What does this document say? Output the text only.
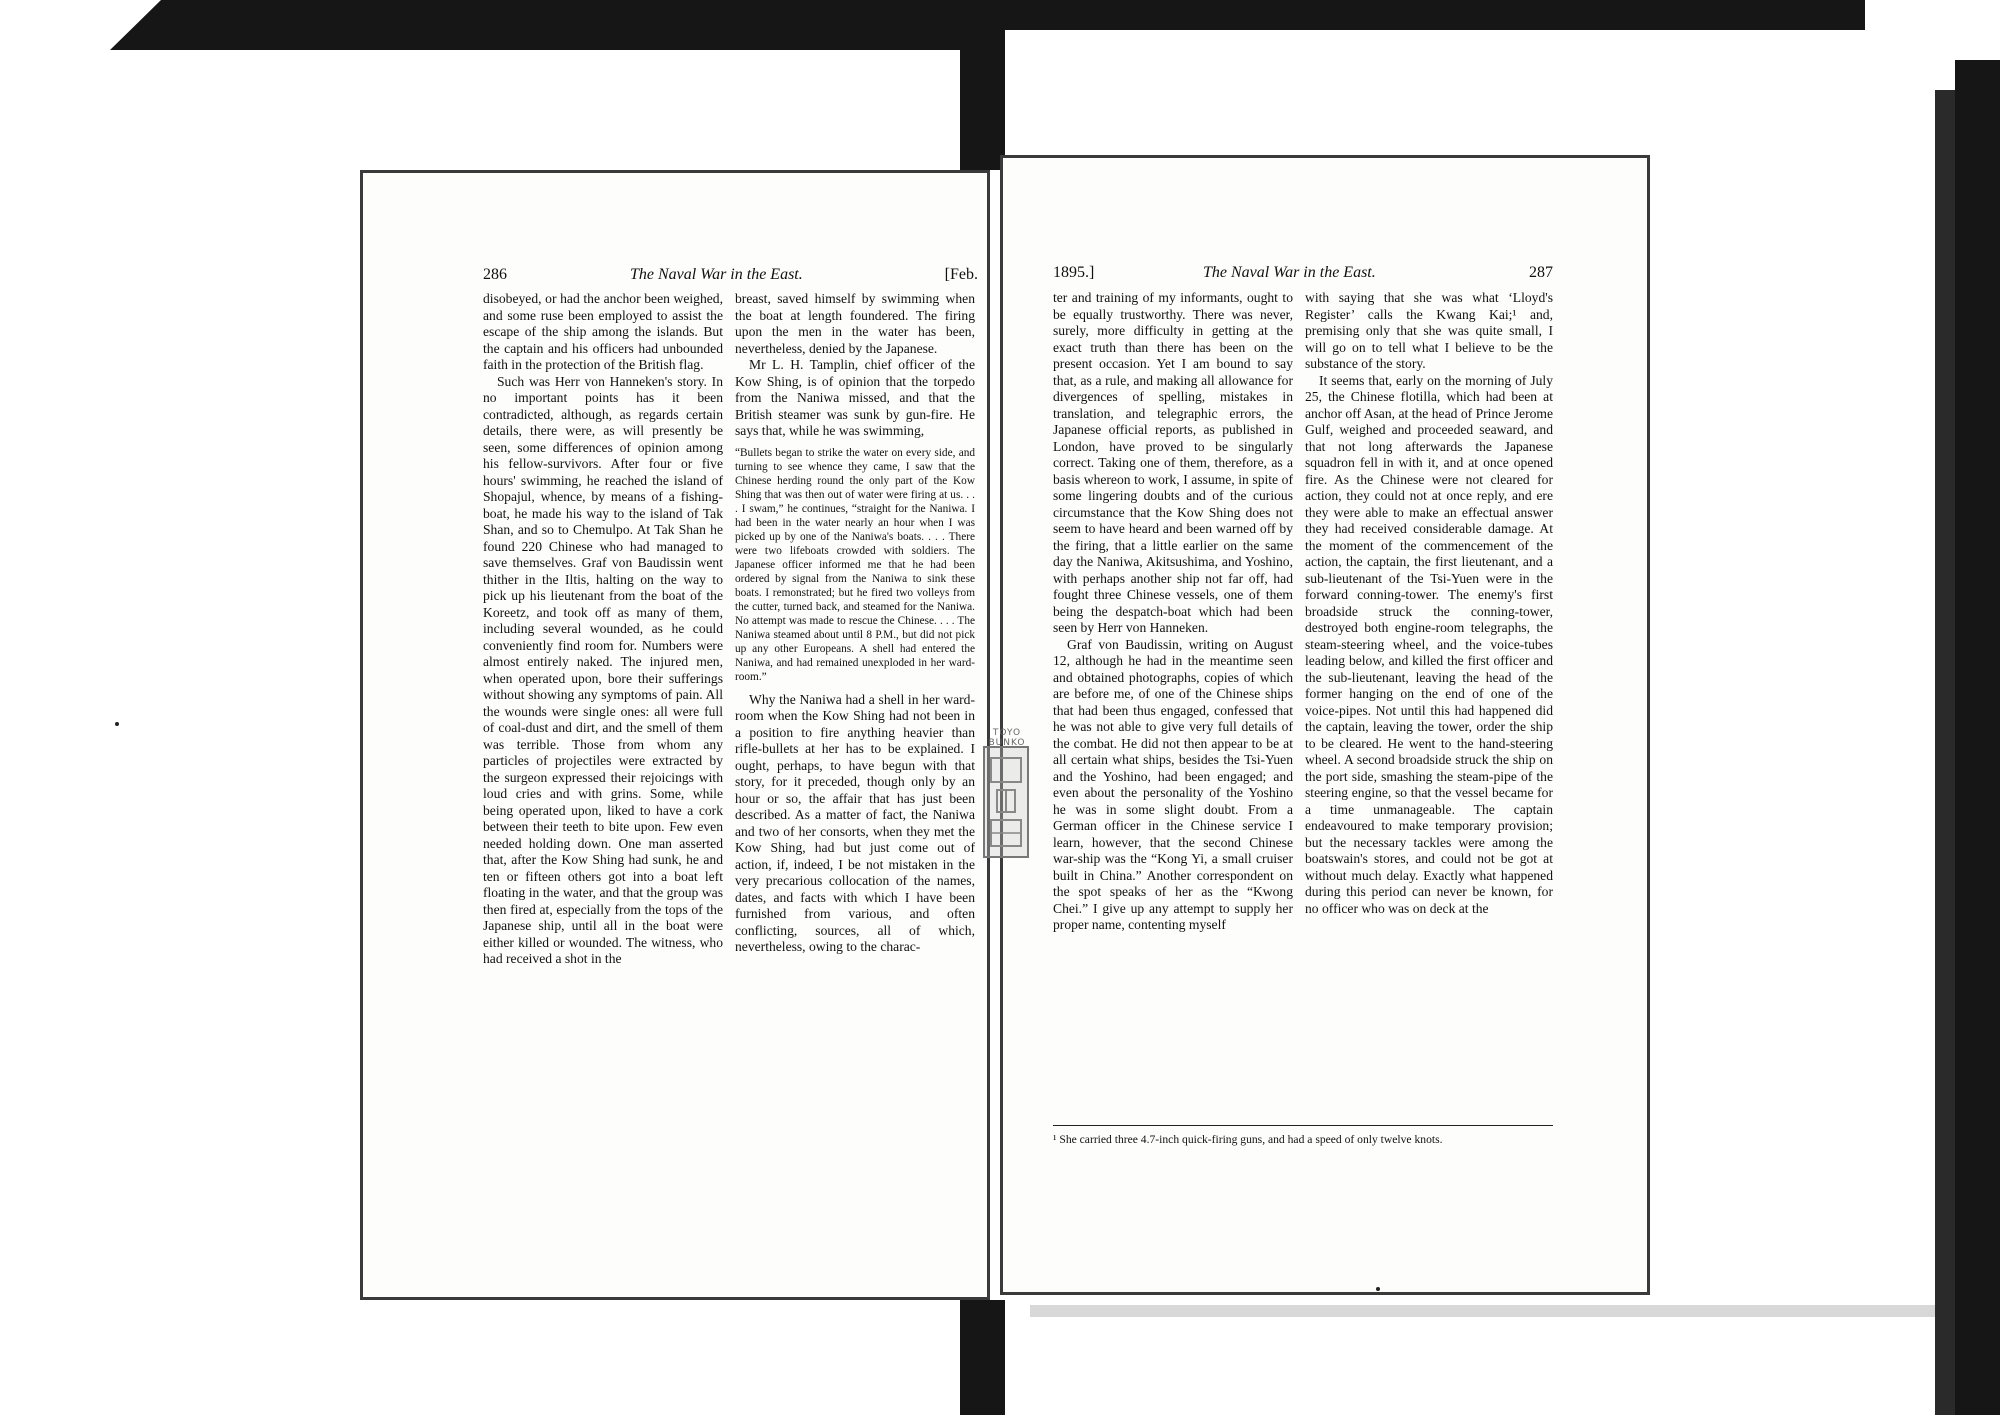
286	The Naval War in the East.	[Feb.

disobeyed, or had the anchor been weighed, and some ruse been employed to assist the escape of the ship among the islands. But the captain and his officers had unbounded faith in the protection of the British flag.

Such was Herr von Hanneken's story. In no important points has it been contradicted, although, as regards certain details, there were, as will presently be seen, some differences of opinion among his fellow-survivors. After four or five hours' swimming, he reached the island of Shopajul, whence, by means of a fishing-boat, he made his way to the island of Tak Shan, and so to Chemulpo. At Tak Shan he found 220 Chinese who had managed to save themselves. Graf von Baudissin went thither in the Iltis, halting on the way to pick up his lieutenant from the boat of the Koreetz, and took off as many of them, including several wounded, as he could conveniently find room for. Numbers were almost entirely naked. The injured men, when operated upon, bore their sufferings without showing any symptoms of pain. All the wounds were single ones: all were full of coal-dust and dirt, and the smell of them was terrible. Those from whom any particles of projectiles were extracted by the surgeon expressed their rejoicings with loud cries and with grins. Some, while being operated upon, liked to have a cork between their teeth to bite upon. Few even needed holding down. One man asserted that, after the Kow Shing had sunk, he and ten or fifteen others got into a boat left floating in the water, and that the group was then fired at, especially from the tops of the Japanese ship, until all in the boat were either killed or wounded. The witness, who had received a shot in the

breast, saved himself by swimming when the boat at length foundered. The firing upon the men in the water has been, nevertheless, denied by the Japanese.

Mr L. H. Tamplin, chief officer of the Kow Shing, is of opinion that the torpedo from the Naniwa missed, and that the British steamer was sunk by gun-fire. He says that, while he was swimming,

“Bullets began to strike the water on every side, and turning to see whence they came, I saw that the Chinese herding round the only part of the Kow Shing that was then out of water were firing at us. . . . I swam,” he continues, “straight for the Naniwa. I had been in the water nearly an hour when I was picked up by one of the Naniwa's boats. . . . There were two lifeboats crowded with soldiers. The Japanese officer informed me that he had been ordered by signal from the Naniwa to sink these boats. I remonstrated; but he fired two volleys from the cutter, turned back, and steamed for the Naniwa. No attempt was made to rescue the Chinese. . . . The Naniwa steamed about until 8 P.M., but did not pick up any other Europeans. A shell had entered the Naniwa, and had remained unexploded in her ward-room.”

Why the Naniwa had a shell in her ward-room when the Kow Shing had not been in a position to fire anything heavier than rifle-bullets at her has to be explained. I ought, perhaps, to have begun with that story, for it preceded, though only by an hour or so, the affair that has just been described. As a matter of fact, the Naniwa and two of her consorts, when they met the Kow Shing, had but just come out of action, if, indeed, I be not mistaken in the very precarious collocation of the names, dates, and facts with which I have been furnished from various, and often conflicting, sources, all of which, nevertheless, owing to the charac-

1895.]	The Naval War in the East.	287

ter and training of my informants, ought to be equally trustworthy. There was never, surely, more difficulty in getting at the exact truth than there has been on the present occasion. Yet I am bound to say that, as a rule, and making all allowance for divergences of spelling, mistakes in translation, and telegraphic errors, the Japanese official reports, as published in London, have proved to be singularly correct. Taking one of them, therefore, as a basis whereon to work, I assume, in spite of some lingering doubts and of the curious circumstance that the Kow Shing does not seem to have heard and been warned off by the firing, that a little earlier on the same day the Naniwa, Akitsushima, and Yoshino, with perhaps another ship not far off, had fought three Chinese vessels, one of them being the despatch-boat which had been seen by Herr von Hanneken.

Graf von Baudissin, writing on August 12, although he had in the meantime seen and obtained photographs, copies of which are before me, of one of the Chinese ships that had been thus engaged, confessed that he was not able to give very full details of the combat. He did not then appear to be at all certain what ships, besides the Tsi-Yuen and the Yoshino, had been engaged; and even about the personality of the Yoshino he was in some slight doubt. From a German officer in the Chinese service I learn, however, that the second Chinese war-ship was the “Kong Yi, a small cruiser built in China.” Another correspondent on the spot speaks of her as the “Kwong Chei.” I give up any attempt to supply her proper name, contenting myself

with saying that she was what ‘Lloyd's Register’ calls the Kwang Kai;¹ and, premising only that she was quite small, I will go on to tell what I believe to be the substance of the story.

It seems that, early on the morning of July 25, the Chinese flotilla, which had been at anchor off Asan, at the head of Prince Jerome Gulf, weighed and proceeded seaward, and that not long afterwards the Japanese squadron fell in with it, and at once opened fire. As the Chinese were not cleared for action, they could not at once reply, and ere they were able to make an effectual answer they had received considerable damage. At the moment of the commencement of the action, the captain, the first lieutenant, and a sub-lieutenant of the Tsi-Yuen were in the forward conning-tower. The enemy's first broadside struck the conning-tower, destroyed both engine-room telegraphs, the steam-steering wheel, and the voice-tubes leading below, and killed the first officer and the sub-lieutenant, leaving the head of the former hanging on the end of one of the voice-pipes. Not until this had happened did the captain, leaving the tower, order the ship to be cleared. He went to the hand-steering wheel. A second broadside struck the ship on the port side, smashing the steam-pipe of the steering engine, so that the vessel became for a time unmanageable. The captain endeavoured to make temporary provision; but the necessary tackles were among the boatswain's stores, and could not be got at without much delay. Exactly what happened during this period can never be known, for no officer who was on deck at the

¹ She carried three 4.7-inch quick-firing guns, and had a speed of only twelve knots.
TOYO BUNKO
